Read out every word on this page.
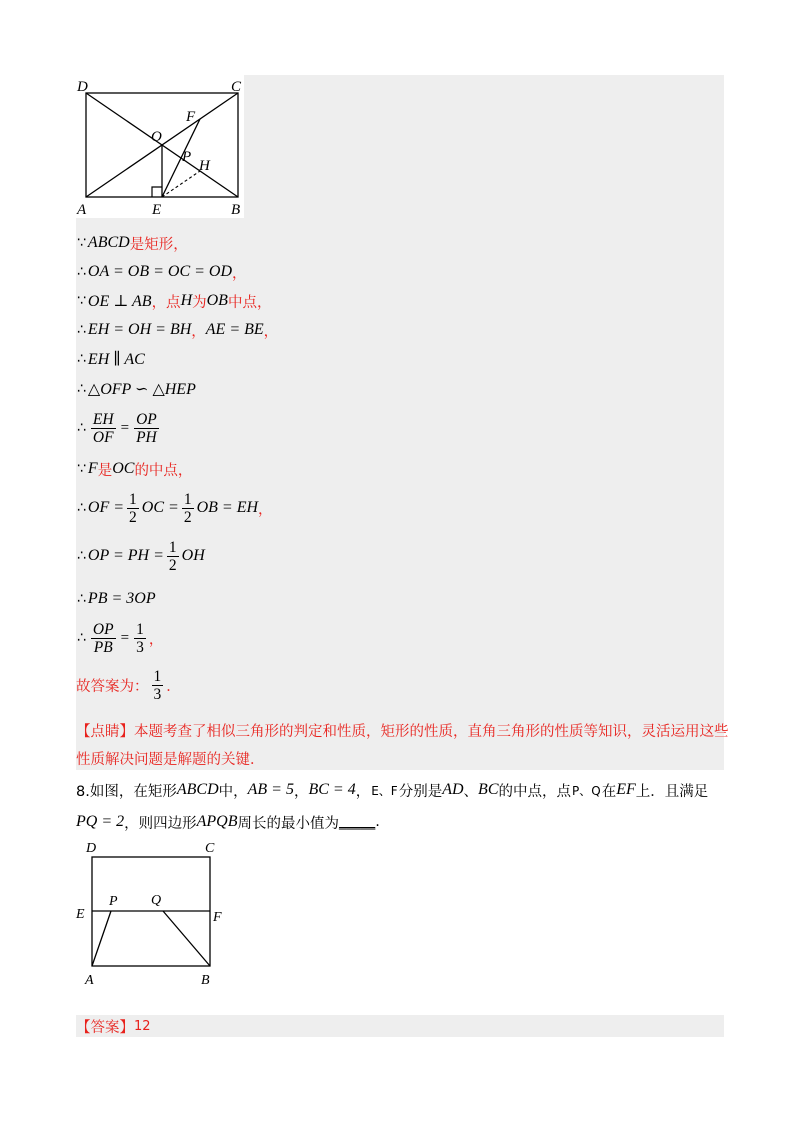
D	C
O
F
P
H
A	E	B
∵ ABCD 是矩形，
∴ OA = OB = OC = OD ，
∵ OE ⊥ AB ，点 H 为 OB 中点，
∴ EH = OH = BH ， AE = BE ，
∴ EH ∥ AC
∴ △OFP ∽ △HEP
∴ $\frac{EH}{OF} = \frac{OP}{PH}$
∵ F 是 OC 的中点，
∴ OF = $\frac{1}{2}$ OC = $\frac{1}{2}$ OB = EH ，
∴ OP = PH = $\frac{1}{2}$ OH
∴ PB = 3OP
∴ $\frac{OP}{PB} = \frac{1}{3}$ ，
故答案为： $\frac{1}{3}$ ．
【点睛】本题考查了相似三角形的判定和性质，矩形的性质，直角三角形的性质等知识，灵活运用这些
性质解决问题是解题的关键．
8.如图，在矩形 ABCD 中， AB = 5 ， BC = 4 ， E、F 分别是 AD 、 BC 的中点，点 P、Q 在 EF 上．且满足
PQ = 2 ，则四边形 APQB 周长的最小值为 _____ .
D	C
E	F
P Q
A	B
【答案】 12
